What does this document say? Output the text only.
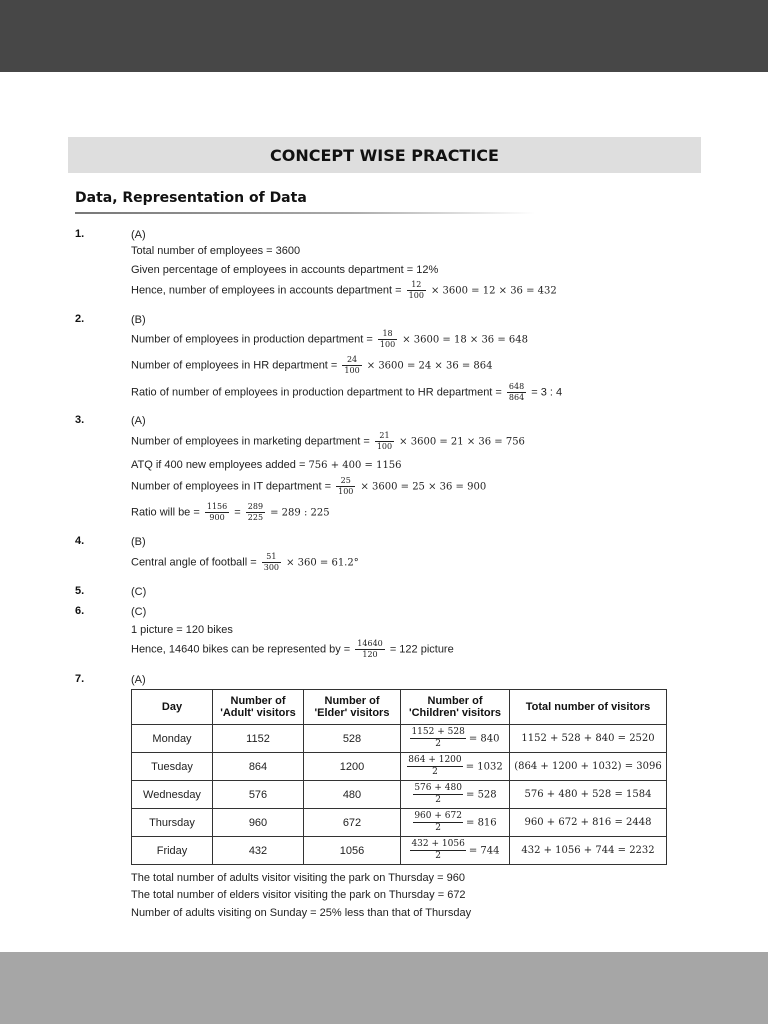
CONCEPT WISE PRACTICE
Data, Representation of Data
1.	(A)
Total number of employees = 3600
Given percentage of employees in accounts department = 12%
Hence, number of employees in accounts department = $\frac{12}{100} \times 3600 = 12 \times 36 = 432$
2.	(B)
Number of employees in production department = $\frac{18}{100} \times 3600 = 18 \times 36 = 648$
Number of employees in HR department = $\frac{24}{100} \times 3600 = 24 \times 36 = 864$
Ratio of number of employees in production department to HR department = $\frac{648}{864} = 3$ : 4
3.	(A)
Number of employees in marketing department = $\frac{21}{100} \times 3600 = 21 \times 36 = 756$
ATQ if 400 new employees added = 756 + 400 = 1156
Number of employees in IT department = $\frac{25}{100} \times 3600 = 25 \times 36 = 900$
Ratio will be = $\frac{1156}{900} = \frac{289}{225} = 289$ : 225
4.	(B)
Central angle of football = $\frac{51}{300} \times 360 = 61.2^\circ$
5.	(C)
6.	(C)
1 picture = 120 bikes
Hence, 14640 bikes can be represented by = $\frac{14640}{120} = 122$ picture
7.	(A)
Day	Number of 'Adult' visitors	Number of 'Elder' visitors	Number of 'Children' visitors	Total number of visitors
Monday	1152	528	$\frac{1152 + 528}{2} = 840$	1152 + 528 + 840 = 2520
Tuesday	864	1200	$\frac{864 + 1200}{2} = 1032$	(864 + 1200 + 1032) = 3096
Wednesday	576	480	$\frac{576 + 480}{2} = 528$	576 + 480 + 528 = 1584
Thursday	960	672	$\frac{960 + 672}{2} = 816$	960 + 672 + 816 = 2448
Friday	432	1056	$\frac{432 + 1056}{2} = 744$	432 + 1056 + 744 = 2232
The total number of adults visitor visiting the park on Thursday = 960
The total number of elders visitor visiting the park on Thursday = 672
Number of adults visiting on Sunday = 25% less than that of Thursday
